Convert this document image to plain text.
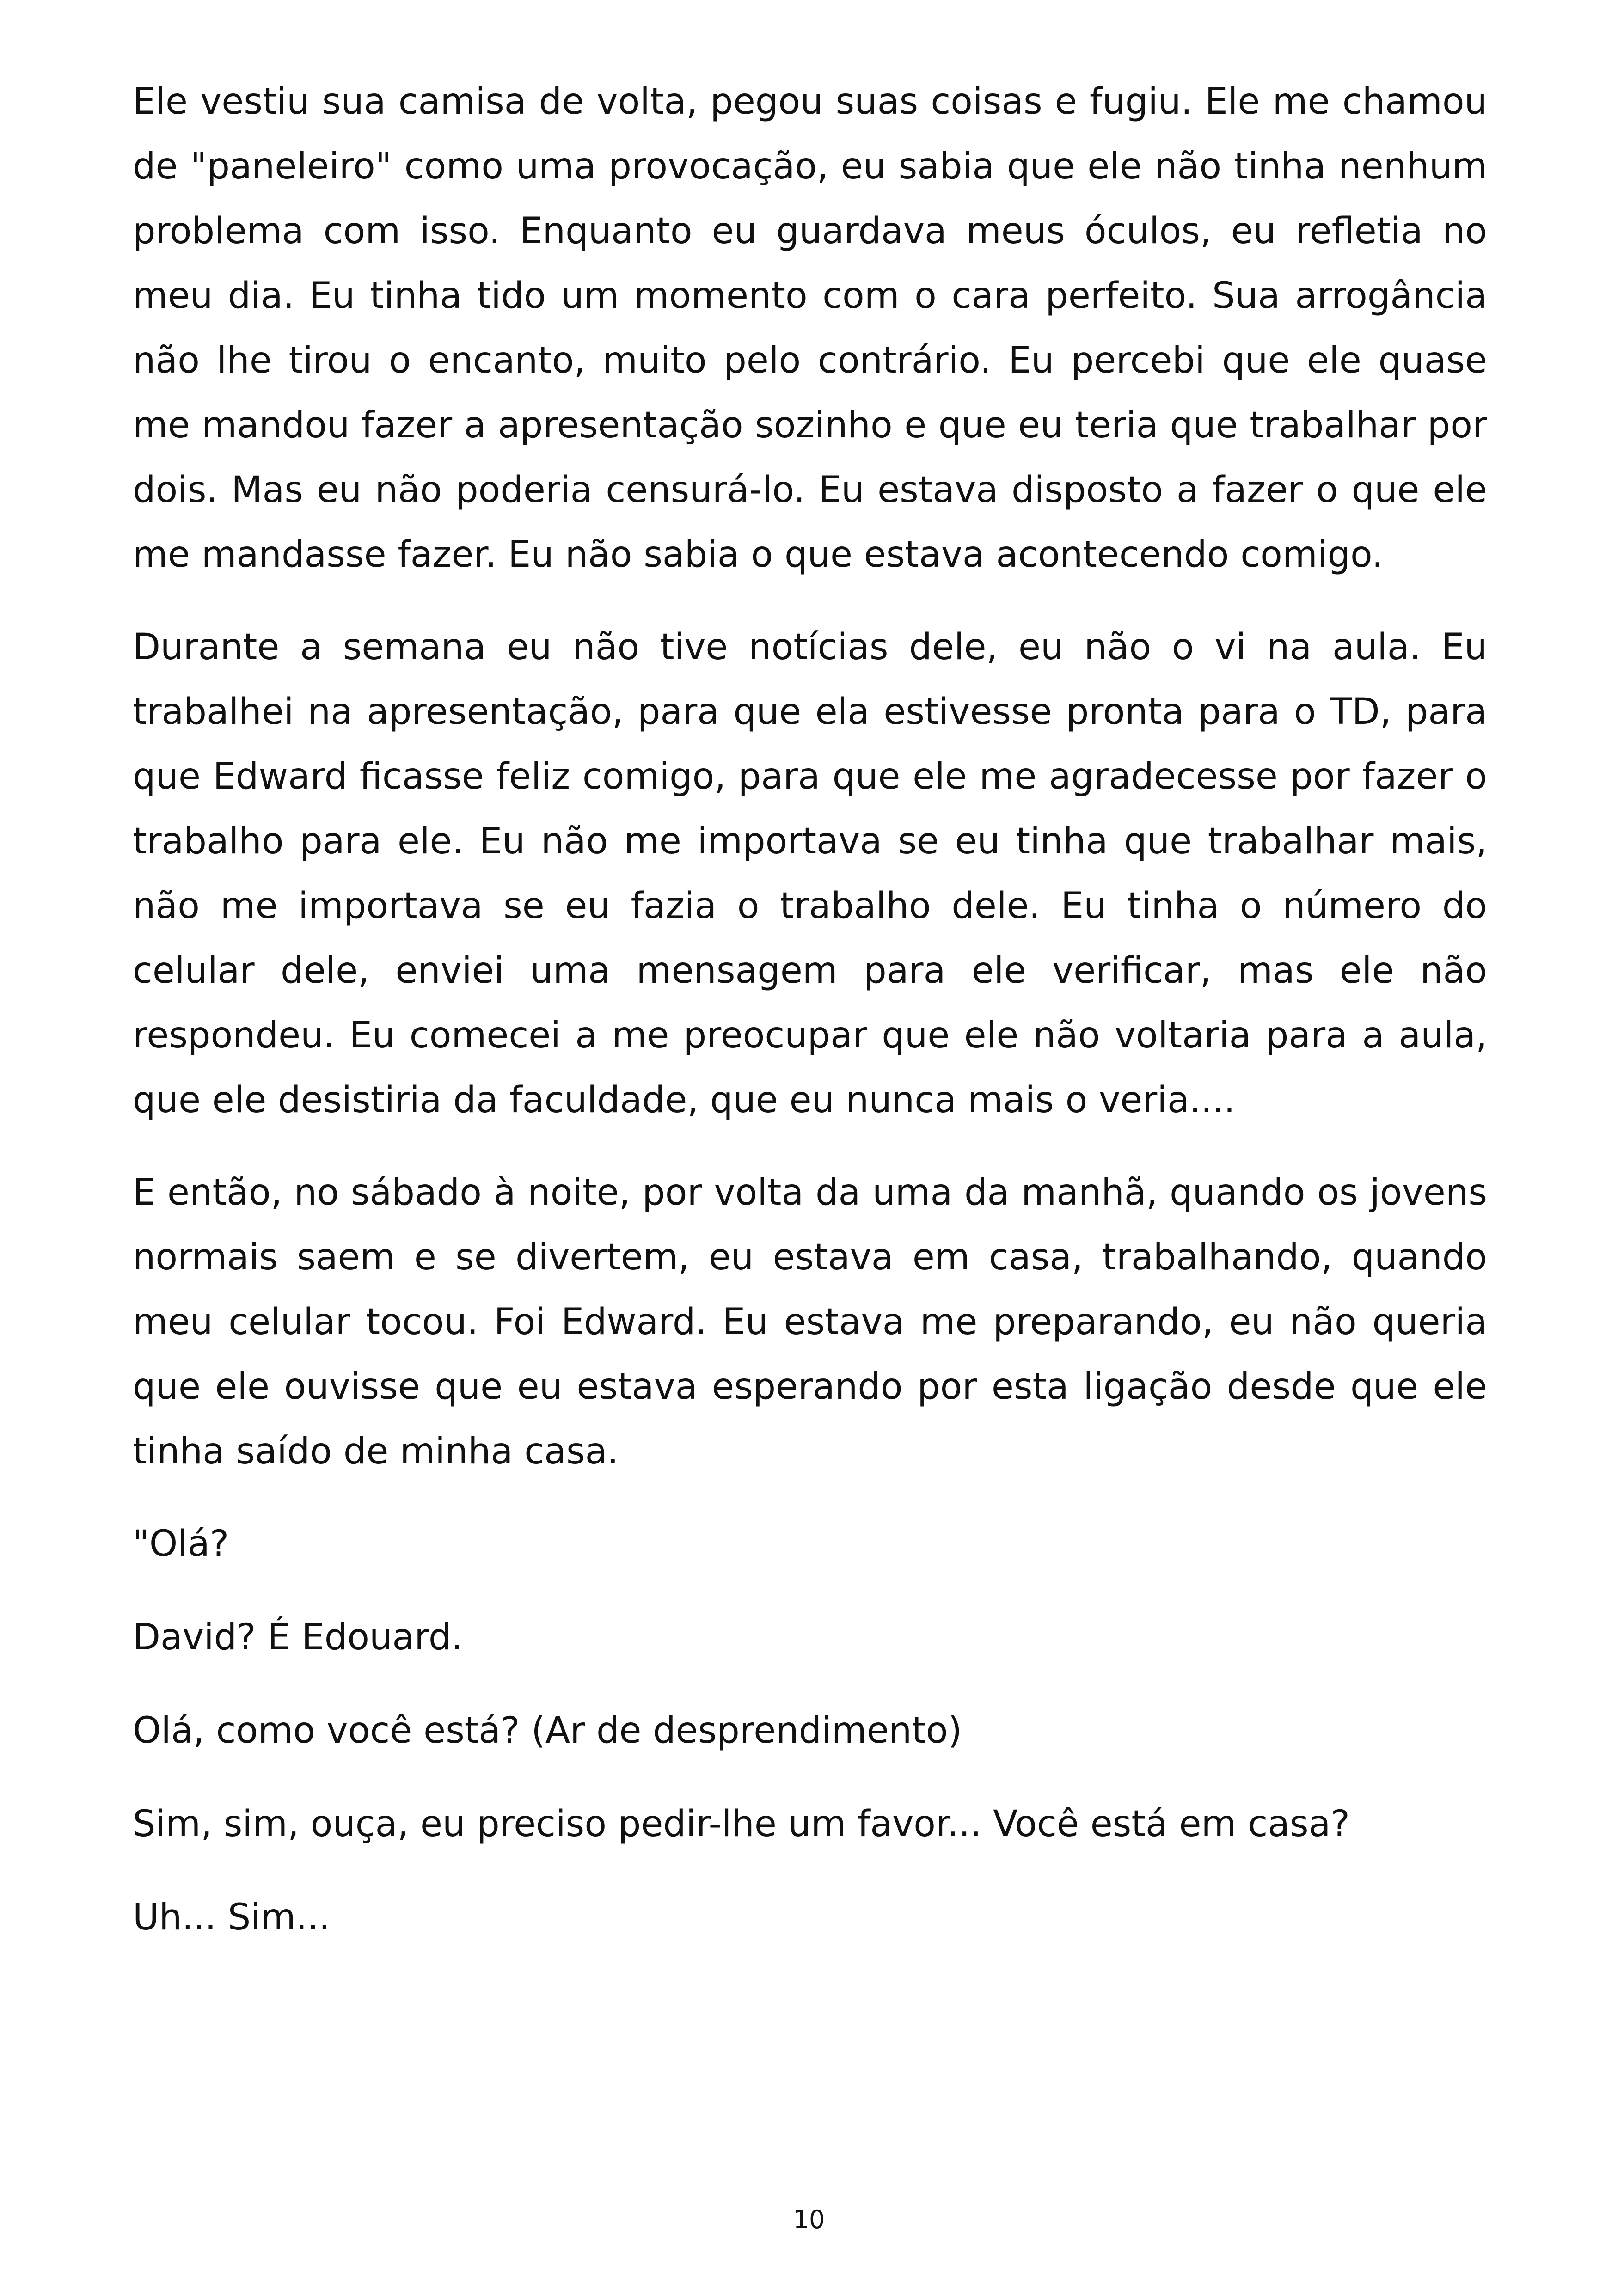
Ele vestiu sua camisa de volta, pegou suas coisas e fugiu. Ele me chamou de "paneleiro" como uma provocação, eu sabia que ele não tinha nenhum problema com isso. Enquanto eu guardava meus óculos, eu refletia no meu dia. Eu tinha tido um momento com o cara perfeito. Sua arrogância não lhe tirou o encanto, muito pelo contrário. Eu percebi que ele quase me mandou fazer a apresentação sozinho e que eu teria que trabalhar por dois. Mas eu não poderia censurá-lo. Eu estava disposto a fazer o que ele me mandasse fazer. Eu não sabia o que estava acontecendo comigo.

Durante a semana eu não tive notícias dele, eu não o vi na aula. Eu trabalhei na apresentação, para que ela estivesse pronta para o TD, para que Edward ficasse feliz comigo, para que ele me agradecesse por fazer o trabalho para ele. Eu não me importava se eu tinha que trabalhar mais, não me importava se eu fazia o trabalho dele. Eu tinha o número do celular dele, enviei uma mensagem para ele verificar, mas ele não respondeu. Eu comecei a me preocupar que ele não voltaria para a aula, que ele desistiria da faculdade, que eu nunca mais o veria....

E então, no sábado à noite, por volta da uma da manhã, quando os jovens normais saem e se divertem, eu estava em casa, trabalhando, quando meu celular tocou. Foi Edward. Eu estava me preparando, eu não queria que ele ouvisse que eu estava esperando por esta ligação desde que ele tinha saído de minha casa.

"Olá?

David? É Edouard.

Olá, como você está? (Ar de desprendimento)

Sim, sim, ouça, eu preciso pedir-lhe um favor... Você está em casa?

Uh... Sim...

10
